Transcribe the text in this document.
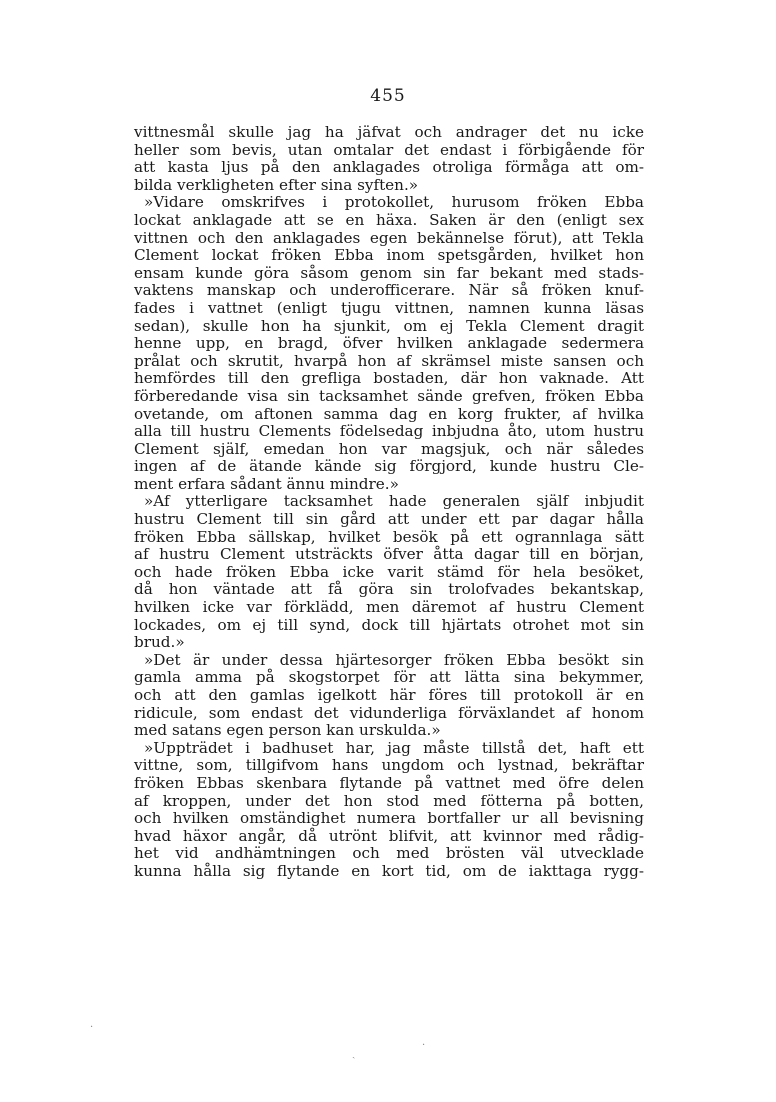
455
vittnesmål skulle jag ha jäfvat och andrager det nu icke
heller som bevis, utan omtalar det endast i förbigående för
att kasta ljus på den anklagades otroliga förmåga att om-
bilda verkligheten efter sina syften.»
»Vidare omskrifves i protokollet, hurusom fröken Ebba
lockat anklagade att se en häxa. Saken är den (enligt sex
vittnen och den anklagades egen bekännelse förut), att Tekla
Clement lockat fröken Ebba inom spetsgården, hvilket hon
ensam kunde göra såsom genom sin far bekant med stads-
vaktens manskap och underofficerare. När så fröken knuf-
fades i vattnet (enligt tjugu vittnen, namnen kunna läsas
sedan), skulle hon ha sjunkit, om ej Tekla Clement dragit
henne upp, en bragd, öfver hvilken anklagade sedermera
prålat och skrutit, hvarpå hon af skrämsel miste sansen och
hemfördes till den grefliga bostaden, där hon vaknade. Att
förberedande visa sin tacksamhet sände grefven, fröken Ebba
ovetande, om aftonen samma dag en korg frukter, af hvilka
alla till hustru Clements födelsedag inbjudna åto, utom hustru
Clement själf, emedan hon var magsjuk, och när således
ingen af de ätande kände sig förgjord, kunde hustru Cle-
ment erfara sådant ännu mindre.»
»Af ytterligare tacksamhet hade generalen själf inbjudit
hustru Clement till sin gård att under ett par dagar hålla
fröken Ebba sällskap, hvilket besök på ett ogrannlaga sätt
af hustru Clement utsträckts öfver åtta dagar till en början,
och hade fröken Ebba icke varit stämd för hela besöket,
då hon väntade att få göra sin trolofvades bekantskap,
hvilken icke var förklädd, men däremot af hustru Clement
lockades, om ej till synd, dock till hjärtats otrohet mot sin
brud.»
»Det är under dessa hjärtesorger fröken Ebba besökt sin
gamla amma på skogstorpet för att lätta sina bekymmer,
och att den gamlas igelkott här föres till protokoll är en
ridicule, som endast det vidunderliga förväxlandet af honom
med satans egen person kan urskulda.»
»Uppträdet i badhuset har, jag måste tillstå det, haft ett
vittne, som, tillgifvom hans ungdom och lystnad, bekräftar
fröken Ebbas skenbara flytande på vattnet med öfre delen
af kroppen, under det hon stod med fötterna på botten,
och hvilken omständighet numera bortfaller ur all bevisning
hvad häxor angår, då utrönt blifvit, att kvinnor med rådig-
het vid andhämtningen och med brösten väl utvecklade
kunna hålla sig flytande en kort tid, om de iakttaga rygg-
·
ˏ
·
